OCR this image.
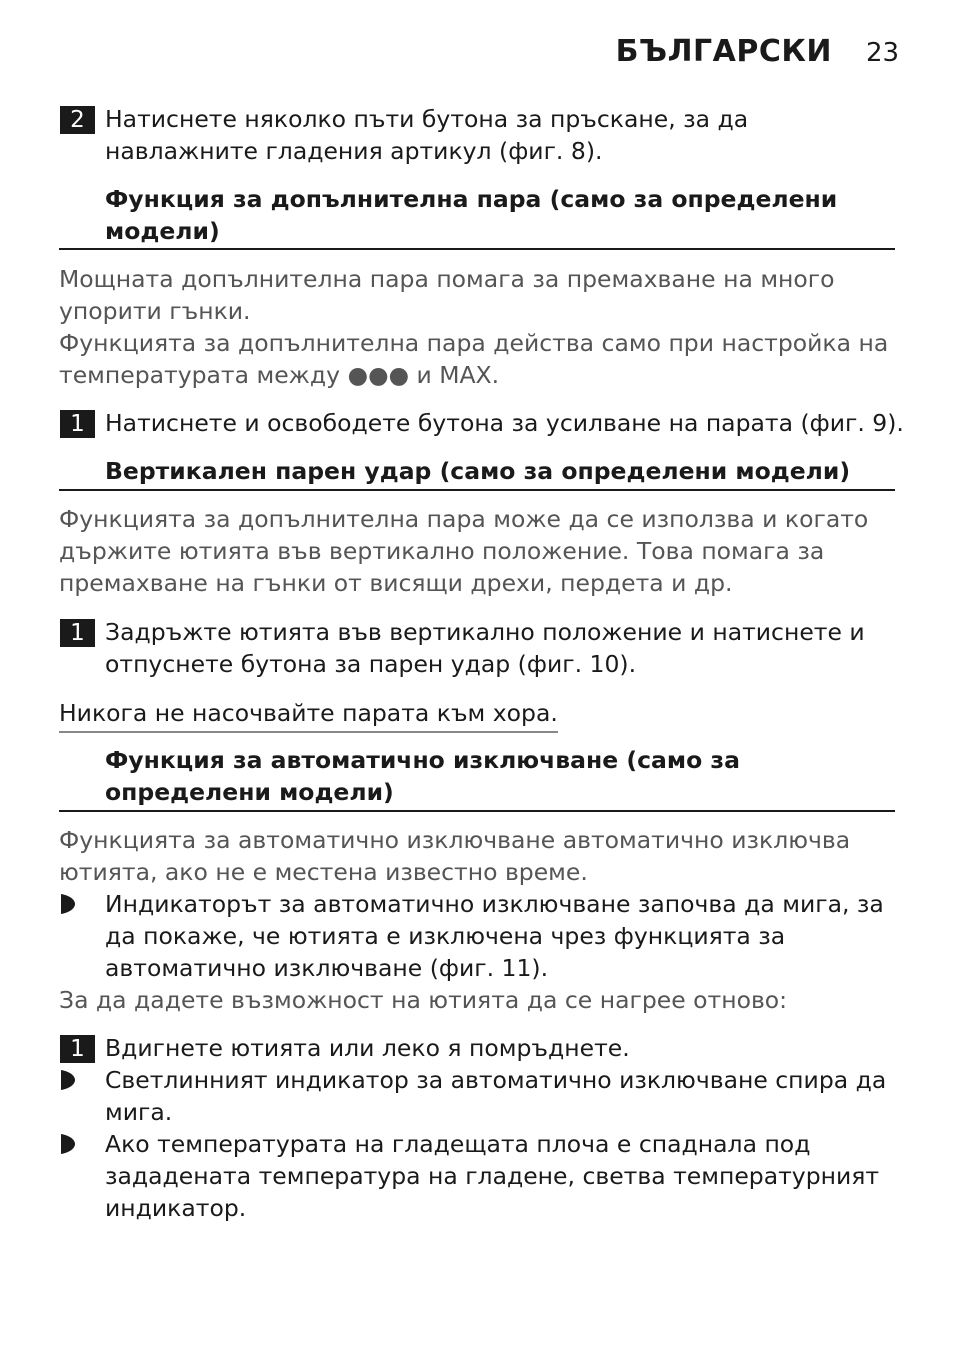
БЪЛГАРСКИ 23
2 Натиснете няколко пъти бутона за пръскане, за да навлажните гладения артикул (фиг. 8).
Функция за допълнителна пара (само за определени модели)
Мощната допълнителна пара помага за премахване на много упорити гънки.
Функцията за допълнителна пара действа само при настройка на температурата между ●●● и MAX.
1 Натиснете и освободете бутона за усилване на парата (фиг. 9).
Вертикален парен удар (само за определени модели)
Функцията за допълнителна пара може да се използва и когато държите ютията във вертикално положение. Това помага за премахване на гънки от висящи дрехи, пердета и др.
1 Задръжте ютията във вертикално положение и натиснете и отпуснете бутона за парен удар (фиг. 10).
Никога не насочвайте парата към хора.
Функция за автоматично изключване (само за определени модели)
Функцията за автоматично изключване автоматично изключва ютията, ако не е местена известно време.
Индикаторът за автоматично изключване започва да мига, за да покаже, че ютията е изключена чрез функцията за автоматично изключване (фиг. 11).
За да дадете възможност на ютията да се нагрее отново:
1 Вдигнете ютията или леко я помръднете.
Светлинният индикатор за автоматично изключване спира да мига.
Ако температурата на гладещата плоча е спаднала под зададената температура на гладене, светва температурният индикатор.
